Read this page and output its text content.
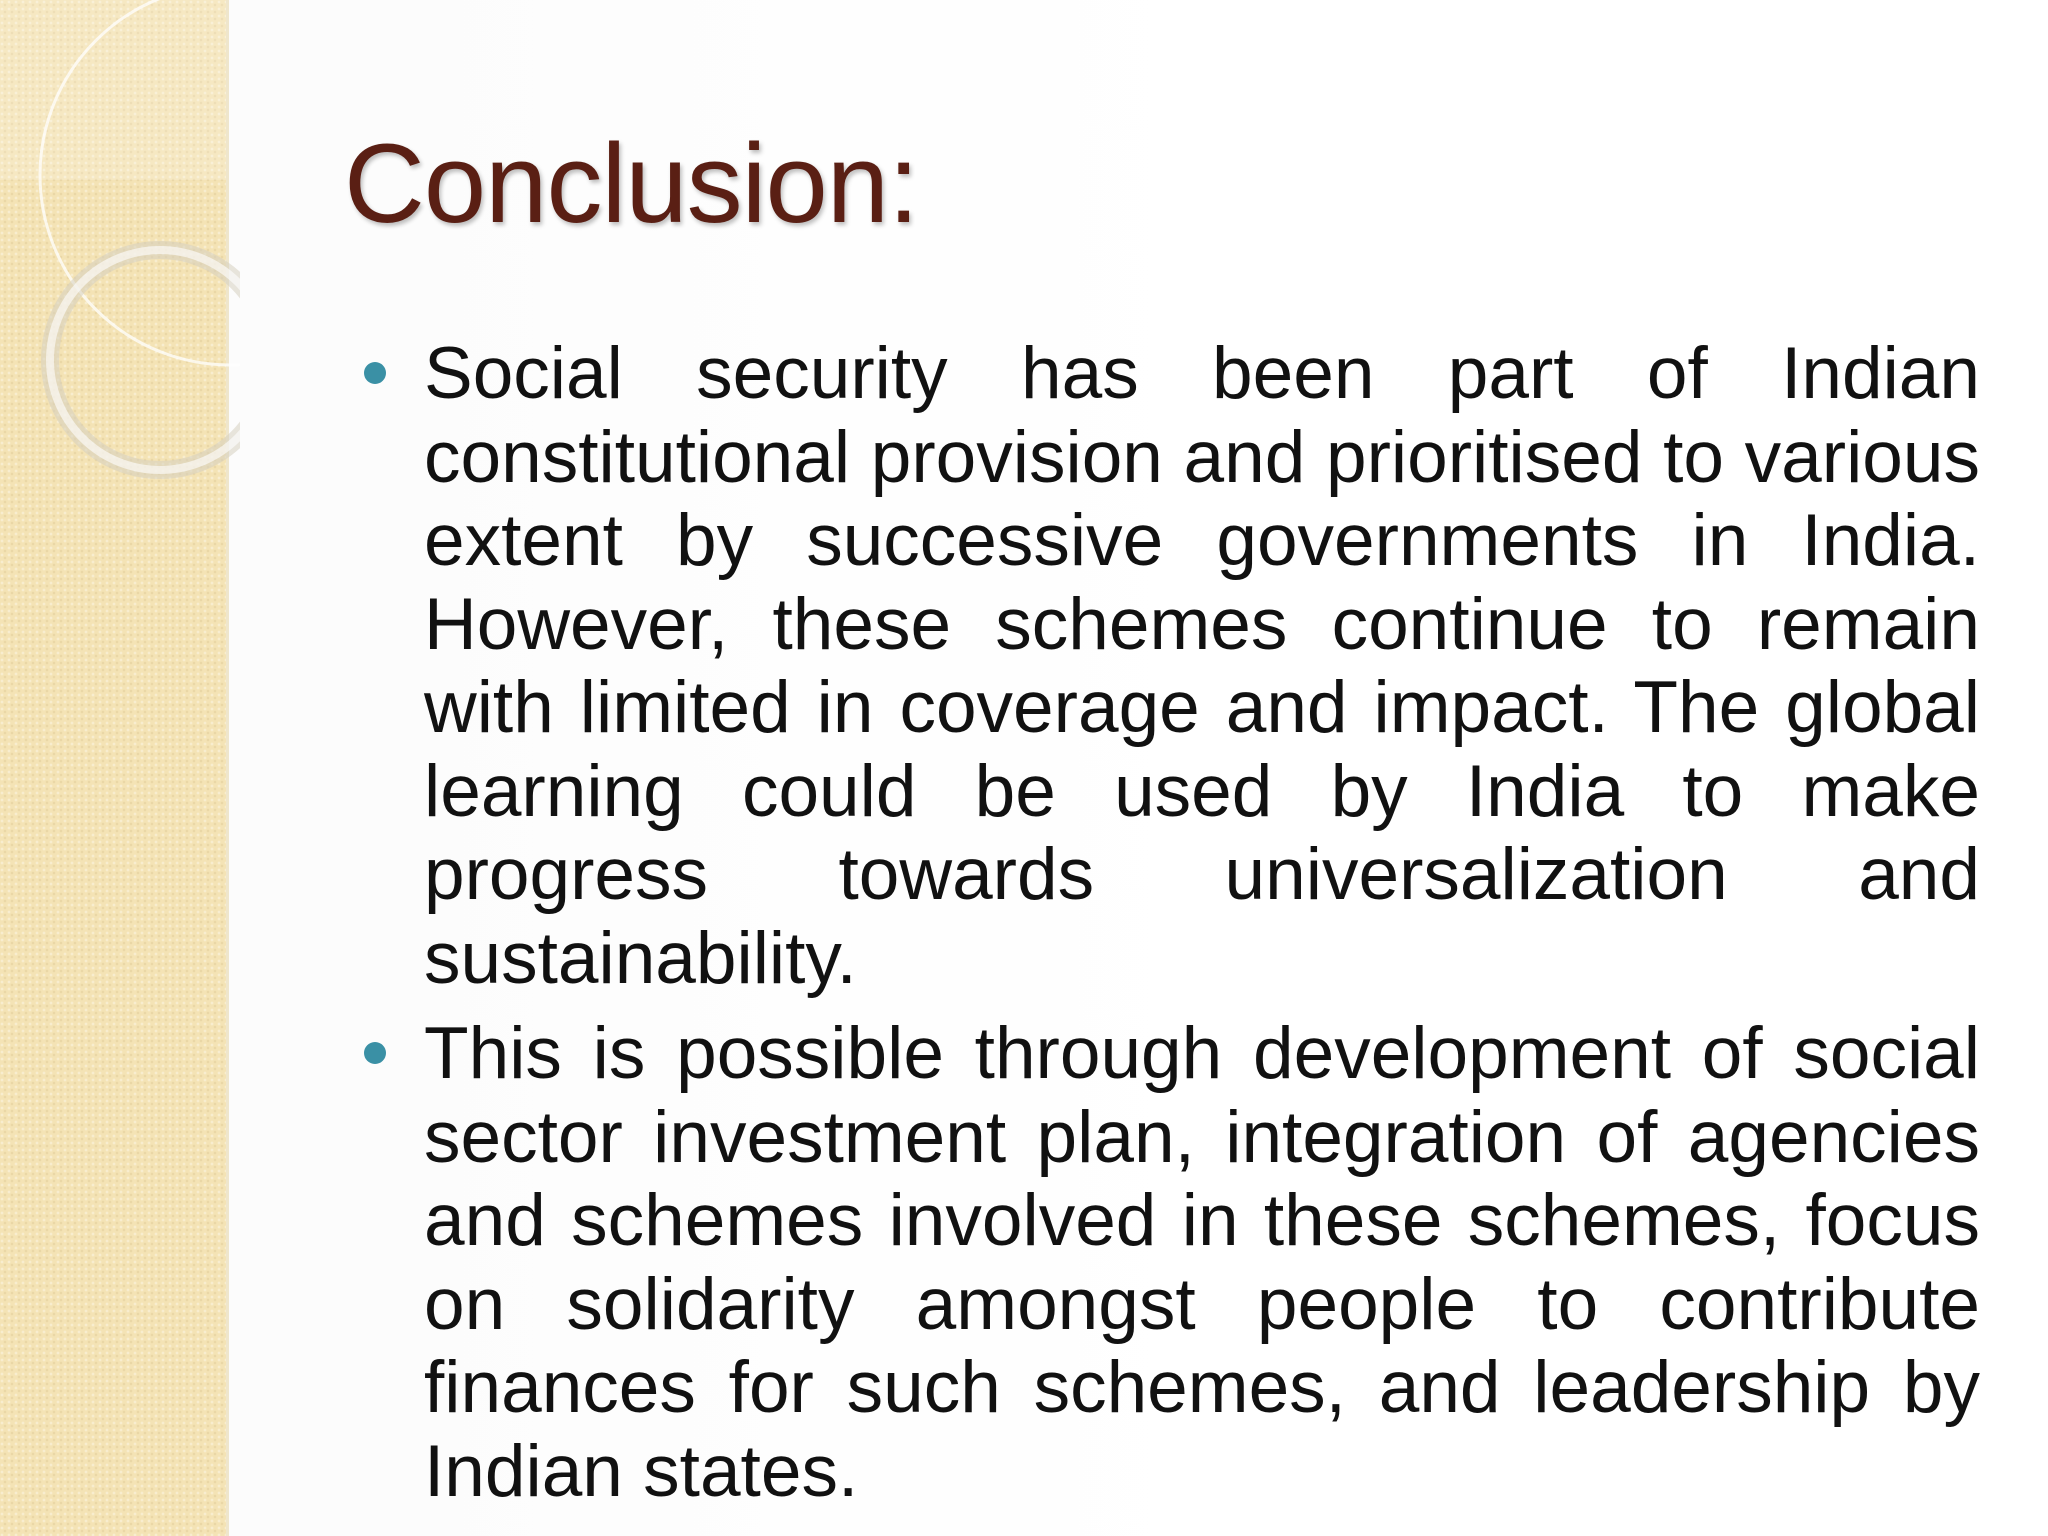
Conclusion:
Social security has been part of Indian constitutional provision and prioritised to various extent by successive governments in India. However, these schemes continue to remain with limited in coverage and impact. The global learning could be used by India to make progress towards universalization and sustainability.
This is possible through development of social sector investment plan, integration of agencies and schemes involved in these schemes, focus on solidarity amongst people to contribute finances for such schemes, and leadership by Indian states.
